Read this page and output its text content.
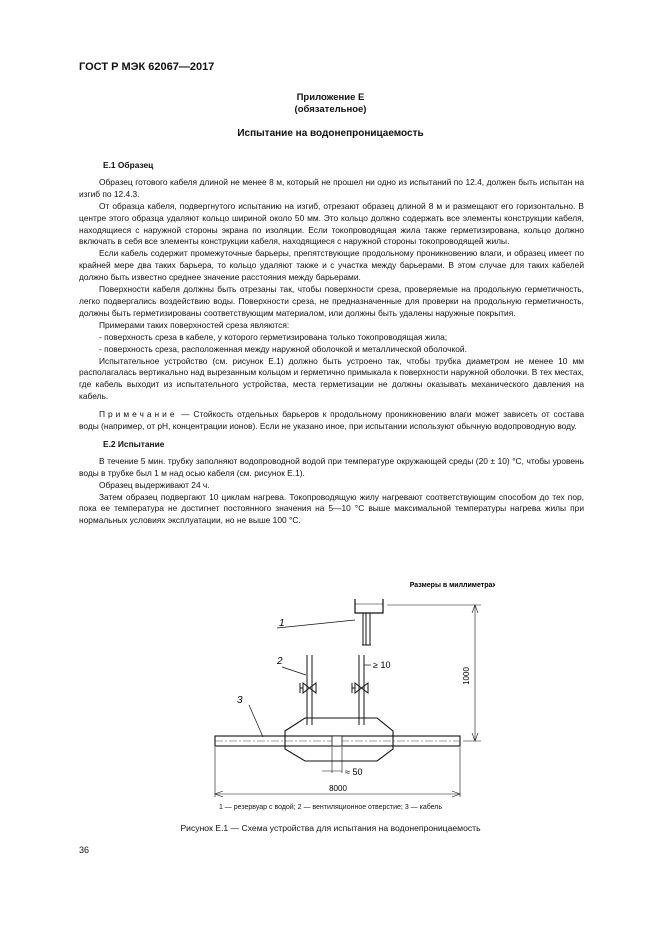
ГОСТ Р МЭК 62067—2017
Приложение Е
(обязательное)
Испытание на водонепроницаемость

Е.1 Образец

Образец готового кабеля длиной не менее 8 м, который не прошел ни одно из испытаний по 12.4, должен быть испытан на изгиб по 12.4.3.

От образца кабеля, подвергнутого испытанию на изгиб, отрезают образец длиной 8 м и размещают его горизонтально. В центре этого образца удаляют кольцо шириной около 50 мм. Это кольцо должно содержать все элементы конструкции кабеля, находящиеся с наружной стороны экрана по изоляции. Если токопроводящая жила также герметизирована, кольцо должно включать в себя все элементы конструкции кабеля, находящиеся с наружной стороны токопроводящей жилы.

Если кабель содержит промежуточные барьеры, препятствующие продольному проникновению влаги, и образец имеет по крайней мере два таких барьера, то кольцо удаляют также и с участка между барьерами. В этом случае для таких кабелей должно быть известно среднее значение расстояния между барьерами.

Поверхности кабеля должны быть отрезаны так, чтобы поверхности среза, проверяемые на продольную герметичность, легко подвергались воздействию воды. Поверхности среза, не предназначенные для проверки на продольную герметичность, должны быть герметизированы соответствующим материалом, или должны быть удалены наружные покрытия.

Примерами таких поверхностей среза являются:

- поверхность среза в кабеле, у которого герметизирована только токопроводящая жила;

- поверхность среза, расположенная между наружной оболочкой и металлической оболочкой.

Испытательное устройство (см. рисунок Е.1) должно быть устроено так, чтобы трубка диаметром не менее 10 мм располагалась вертикально над вырезанным кольцом и герметично примыкала к поверхности наружной оболочки. В тех местах, где кабель выходит из испытательного устройства, места герметизации не должны оказывать механического давления на кабель.

Примечание — Стойкость отдельных барьеров к продольному проникновению влаги может зависеть от состава воды (например, от pH, концентрации ионов). Если не указано иное, при испытании используют обычную водопроводную воду.

Е.2 Испытание

В течение 5 мин. трубку заполняют водопроводной водой при температуре окружающей среды (20 ± 10) °С, чтобы уровень воды в трубке был 1 м над осью кабеля (см. рисунок Е.1).

Образец выдерживают 24 ч.

Затем образец подвергают 10 циклам нагрева. Токопроводящую жилу нагревают соответствующим способом до тех пор, пока ее температура не достигнет постоянного значения на 5—10 °С выше максимальной температуры нагрева жилы при нормальных условиях эксплуатации, но не выше 100 °С.

Размеры в миллиметрах
1
2	≥ 10
3
1000
≈ 50
8000
1 — резервуар с водой; 2 — вентиляционное отверстие; 3 — кабель
Рисунок Е.1 — Схема устройства для испытания на водонепроницаемость
36
